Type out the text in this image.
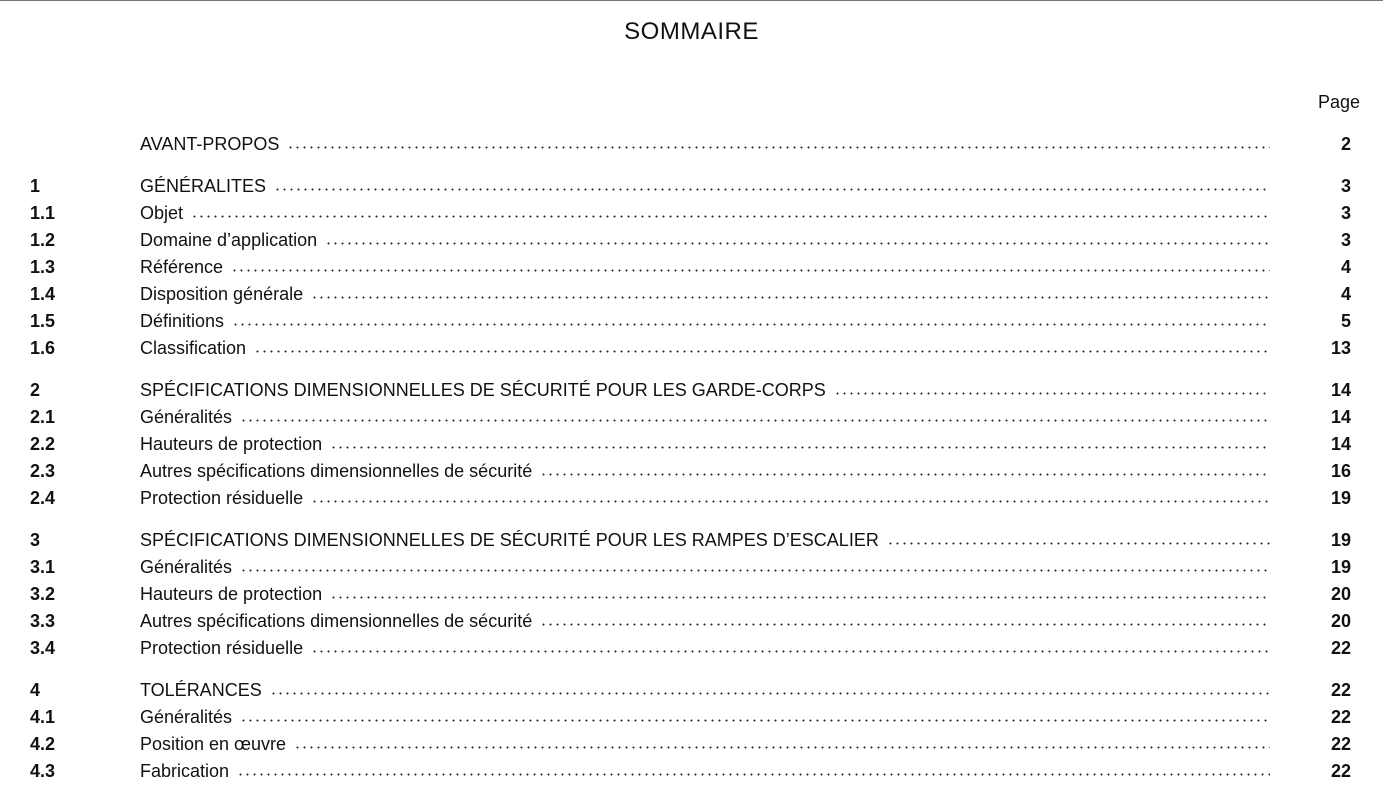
SOMMAIRE
Page
AVANT-PROPOS	2
1	GÉNÉRALITES	3
1.1	Objet	3
1.2	Domaine d’application	3
1.3	Référence	4
1.4	Disposition générale	4
1.5	Définitions	5
1.6	Classification	13
2	SPÉCIFICATIONS DIMENSIONNELLES DE SÉCURITÉ POUR LES GARDE-CORPS	14
2.1	Généralités	14
2.2	Hauteurs de protection	14
2.3	Autres spécifications dimensionnelles de sécurité	16
2.4	Protection résiduelle	19
3	SPÉCIFICATIONS DIMENSIONNELLES DE SÉCURITÉ POUR LES RAMPES D’ESCALIER	19
3.1	Généralités	19
3.2	Hauteurs de protection	20
3.3	Autres spécifications dimensionnelles de sécurité	20
3.4	Protection résiduelle	22
4	TOLÉRANCES	22
4.1	Généralités	22
4.2	Position en œuvre	22
4.3	Fabrication	22
